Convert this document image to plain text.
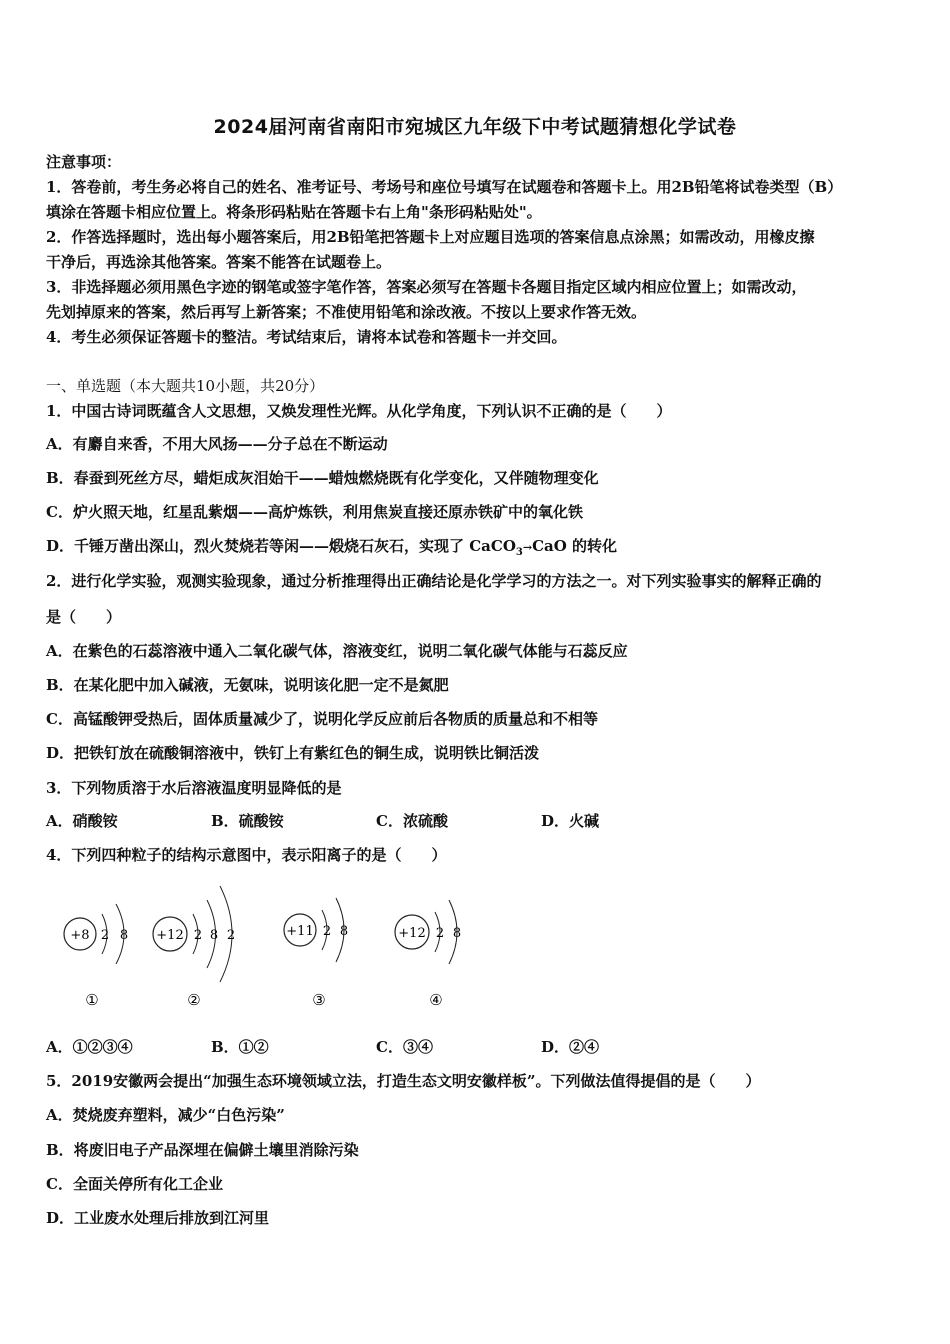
2024届河南省南阳市宛城区九年级下中考试题猜想化学试卷
注意事项：
1．答卷前，考生务必将自己的姓名、准考证号、考场号和座位号填写在试题卷和答题卡上。用2B铅笔将试卷类型（B）
填涂在答题卡相应位置上。将条形码粘贴在答题卡右上角"条形码粘贴处"。
2．作答选择题时，选出每小题答案后，用2B铅笔把答题卡上对应题目选项的答案信息点涂黑；如需改动，用橡皮擦
干净后，再选涂其他答案。答案不能答在试题卷上。
3．非选择题必须用黑色字迹的钢笔或签字笔作答，答案必须写在答题卡各题目指定区域内相应位置上；如需改动，
先划掉原来的答案，然后再写上新答案；不准使用铅笔和涂改液。不按以上要求作答无效。
4．考生必须保证答题卡的整洁。考试结束后，请将本试卷和答题卡一并交回。
一、单选题（本大题共10小题，共20分）
1．中国古诗词既蕴含人文思想，又焕发理性光辉。从化学角度，下列认识不正确的是（　　）
A．有麝自来香，不用大风扬——分子总在不断运动
B．春蚕到死丝方尽，蜡炬成灰泪始干——蜡烛燃烧既有化学变化，又伴随物理变化
C．炉火照天地，红星乱紫烟——高炉炼铁，利用焦炭直接还原赤铁矿中的氧化铁
D．千锤万凿出深山，烈火焚烧若等闲——煅烧石灰石，实现了 CaCO$_3$→CaO 的转化
2．进行化学实验，观测实验现象，通过分析推理得出正确结论是化学学习的方法之一。对下列实验事实的解释正确的
是（　　）
A．在紫色的石蕊溶液中通入二氧化碳气体，溶液变红，说明二氧化碳气体能与石蕊反应
B．在某化肥中加入碱液，无氨味，说明该化肥一定不是氮肥
C．高锰酸钾受热后，固体质量减少了，说明化学反应前后各物质的质量总和不相等
D．把铁钉放在硫酸铜溶液中，铁钉上有紫红色的铜生成，说明铁比铜活泼
3．下列物质溶于水后溶液温度明显降低的是
A．硝酸铵	B．硫酸铵	C．浓硫酸	D．火碱
4．下列四种粒子的结构示意图中，表示阳离子的是（　　）
+8 2 8
①
+12 2 8 2
②
+11 2 8
③
+12 2 8
④
A．①②③④	B．①②	C．③④	D．②④
5．2019安徽两会提出“加强生态环境领域立法，打造生态文明安徽样板”。下列做法值得提倡的是（　　）
A．焚烧废弃塑料，减少“白色污染”
B．将废旧电子产品深埋在偏僻土壤里消除污染
C．全面关停所有化工企业
D．工业废水处理后排放到江河里
